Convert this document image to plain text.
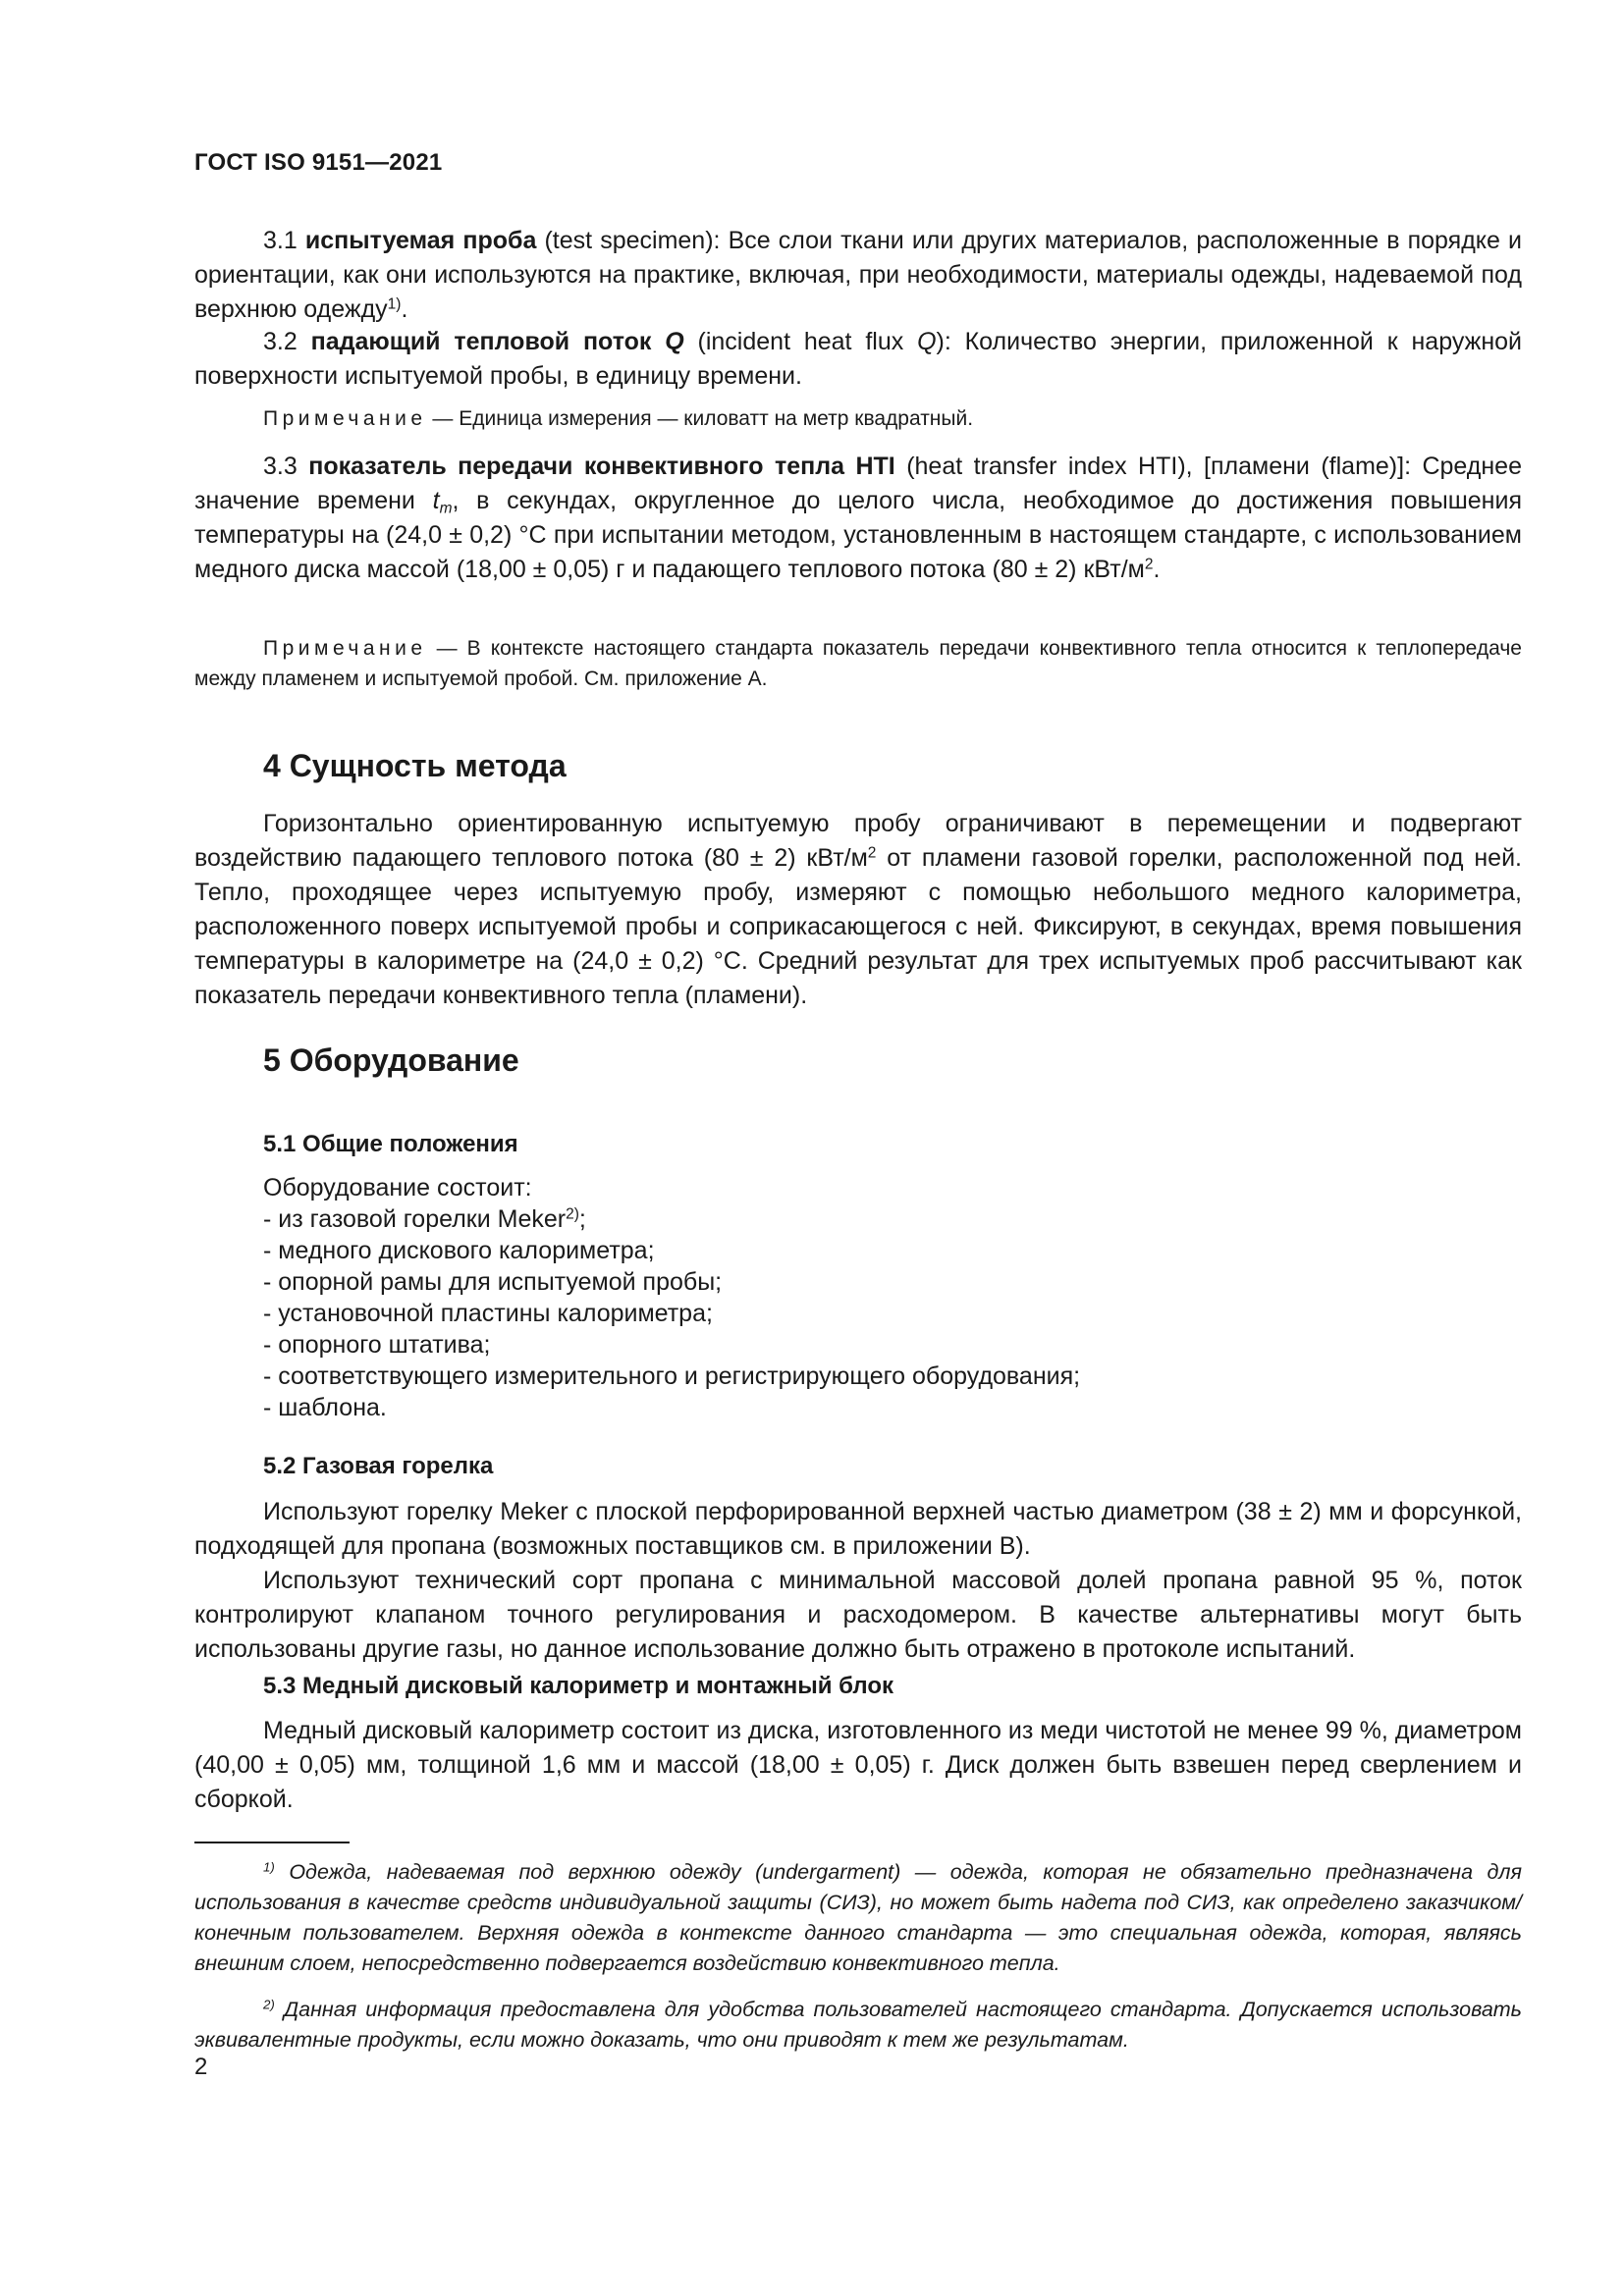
ГОСТ ISO 9151—2021

3.1 испытуемая проба (test specimen): Все слои ткани или других материалов, расположенные в порядке и ориентации, как они используются на практике, включая, при необходимости, материалы одежды, надеваемой под верхнюю одежду$^{1)}$.

3.2 падающий тепловой поток Q (incident heat flux Q): Количество энергии, приложенной к наружной поверхности испытуемой пробы, в единицу времени.

Примечание — Единица измерения — киловатт на метр квадратный.

3.3 показатель передачи конвективного тепла HTI (heat transfer index HTI), [пламени (flame)]: Среднее значение времени $t_m$, в секундах, округленное до целого числа, необходимое до достижения повышения температуры на (24,0 ± 0,2) °С при испытании методом, установленным в настоящем стандарте, с использованием медного диска массой (18,00 ± 0,05) г и падающего теплового потока (80 ± 2) кВт/$м^2$.

Примечание — В контексте настоящего стандарта показатель передачи конвективного тепла относится к теплопередаче между пламенем и испытуемой пробой. См. приложение А.

4 Сущность метода

Горизонтально ориентированную испытуемую пробу ограничивают в перемещении и подвергают воздействию падающего теплового потока (80 ± 2) кВт/$м^2$ от пламени газовой горелки, расположенной под ней. Тепло, проходящее через испытуемую пробу, измеряют с помощью небольшого медного калориметра, расположенного поверх испытуемой пробы и соприкасающегося с ней. Фиксируют, в секундах, время повышения температуры в калориметре на (24,0 ± 0,2) °С. Средний результат для трех испытуемых проб рассчитывают как показатель передачи конвективного тепла (пламени).

5 Оборудование
5.1 Общие положения
Оборудование состоит:
- из газовой горелки Meker$^{2)}$;
- медного дискового калориметра;
- опорной рамы для испытуемой пробы;
- установочной пластины калориметра;
- опорного штатива;
- соответствующего измерительного и регистрирующего оборудования;
- шаблона.
5.2 Газовая горелка

Используют горелку Meker с плоской перфорированной верхней частью диаметром (38 ± 2) мм и форсункой, подходящей для пропана (возможных поставщиков см. в приложении В).

Используют технический сорт пропана с минимальной массовой долей пропана равной 95 %, поток контролируют клапаном точного регулирования и расходомером. В качестве альтернативы могут быть использованы другие газы, но данное использование должно быть отражено в протоколе испытаний.

5.3 Медный дисковый калориметр и монтажный блок

Медный дисковый калориметр состоит из диска, изготовленного из меди чистотой не менее 99 %, диаметром (40,00 ± 0,05) мм, толщиной 1,6 мм и массой (18,00 ± 0,05) г. Диск должен быть взвешен перед сверлением и сборкой.

$^{1)}$ Одежда, надеваемая под верхнюю одежду (undergarment) — одежда, которая не обязательно предназначена для использования в качестве средств индивидуальной защиты (СИЗ), но может быть надета под СИЗ, как определено заказчиком/конечным пользователем. Верхняя одежда в контексте данного стандарта — это специальная одежда, которая, являясь внешним слоем, непосредственно подвергается воздействию конвективного тепла.

$^{2)}$ Данная информация предоставлена для удобства пользователей настоящего стандарта. Допускается использовать эквивалентные продукты, если можно доказать, что они приводят к тем же результатам.

2
